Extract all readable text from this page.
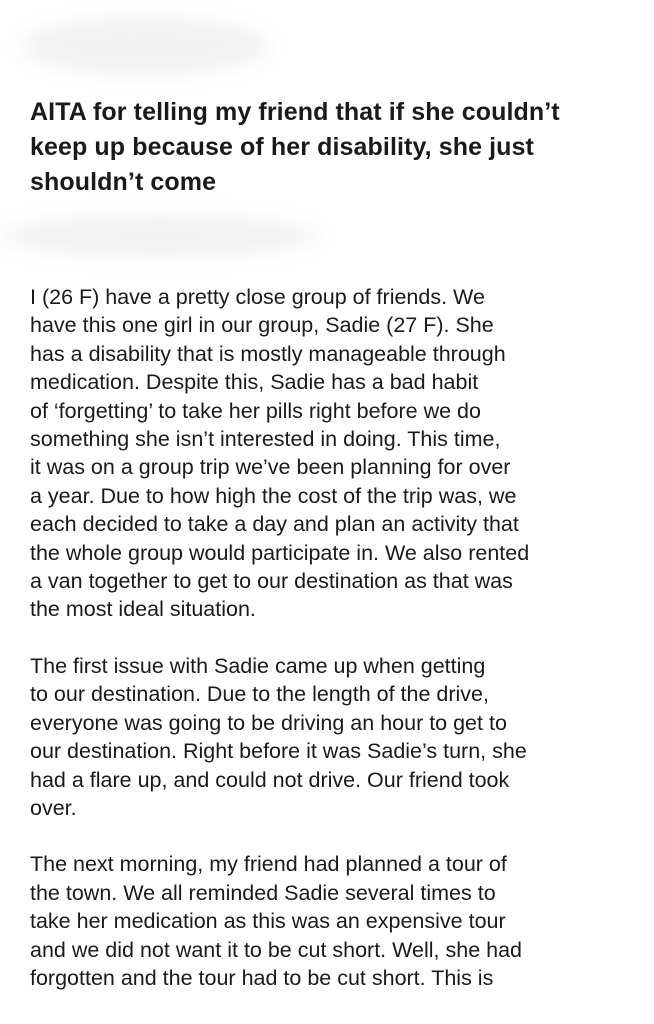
AITA for telling my friend that if she couldn’t
keep up because of her disability, she just
shouldn’t come

I (26 F) have a pretty close group of friends. We
have this one girl in our group, Sadie (27 F). She
has a disability that is mostly manageable through
medication. Despite this, Sadie has a bad habit
of ‘forgetting’ to take her pills right before we do
something she isn’t interested in doing. This time,
it was on a group trip we’ve been planning for over
a year. Due to how high the cost of the trip was, we
each decided to take a day and plan an activity that
the whole group would participate in. We also rented
a van together to get to our destination as that was
the most ideal situation.

The first issue with Sadie came up when getting
to our destination. Due to the length of the drive,
everyone was going to be driving an hour to get to
our destination. Right before it was Sadie’s turn, she
had a flare up, and could not drive. Our friend took
over.

The next morning, my friend had planned a tour of
the town. We all reminded Sadie several times to
take her medication as this was an expensive tour
and we did not want it to be cut short. Well, she had
forgotten and the tour had to be cut short. This is
